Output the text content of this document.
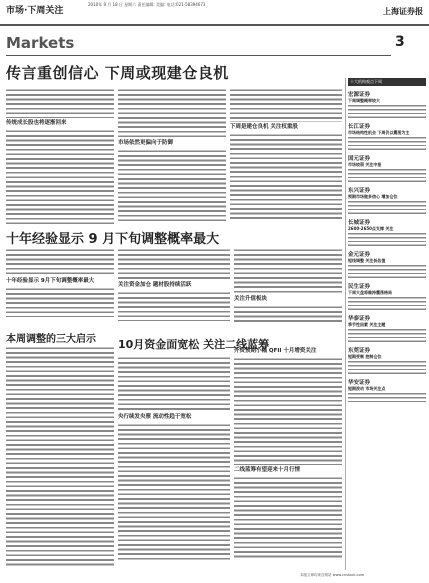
市场·下周关注
2010年 9 月 18 日 星期六 责任编辑: 美编: 电话:021-58394673
上海证券报
Markets	3
传言重创信心 下周或现建仓良机
传统成长股也将逐渐回来
市场依然更偏向于防御
下周是建仓良机 关注权重股
十年经验显示 9 月下旬调整概率最大
十年经验显示 9月下旬调整概率最大
关注资金加仓 题材股持续活跃
关注升值板块
本周调整的三大启示 10月资金面宽松 关注二线蓝筹
央行续发央票 流动性趋于宽松
外资预期小幅 QFII 十月增资关注
二线蓝筹有望迎来十月行情
十大机构观点下周
宏源证券
下周调整概率较大
长江证券
市场结构性机会 下周仍以震荡为主
国元证券
市场较弱 关注中报
东兴证券
预期市场做多信心 增加仓位
长城证券
2600-2650点支撑 关注
金元证券
短线调整 关注低估值
民生证券
下周大盘将维持震荡格局
华泰证券
季节性因素 关注主题
东莞证券
短期受制 控制仓位
华安证券
短期波动 市场关注点
本版文章均来自网站 www.cnstock.com
